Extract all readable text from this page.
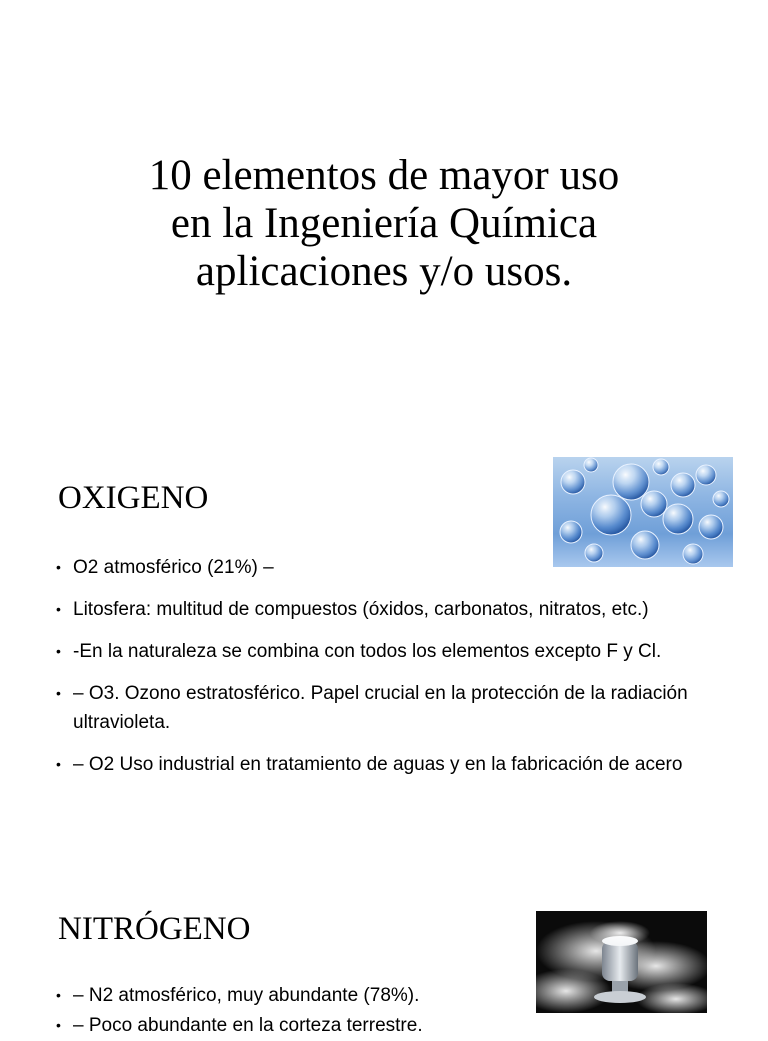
10 elementos de mayor uso
en la Ingeniería Química
aplicaciones y/o usos.
OXIGENO
• O2 atmosférico (21%) –
• Litosfera: multitud de compuestos (óxidos, carbonatos, nitratos, etc.)
• -En la naturaleza se combina con todos los elementos excepto F y Cl.
• – O3. Ozono estratosférico. Papel crucial en la protección de la radiación ultravioleta.
• – O2 Uso industrial en tratamiento de aguas y en la fabricación de acero
NITRÓGENO
• – N2 atmosférico, muy abundante (78%).
• – Poco abundante en la corteza terrestre.
